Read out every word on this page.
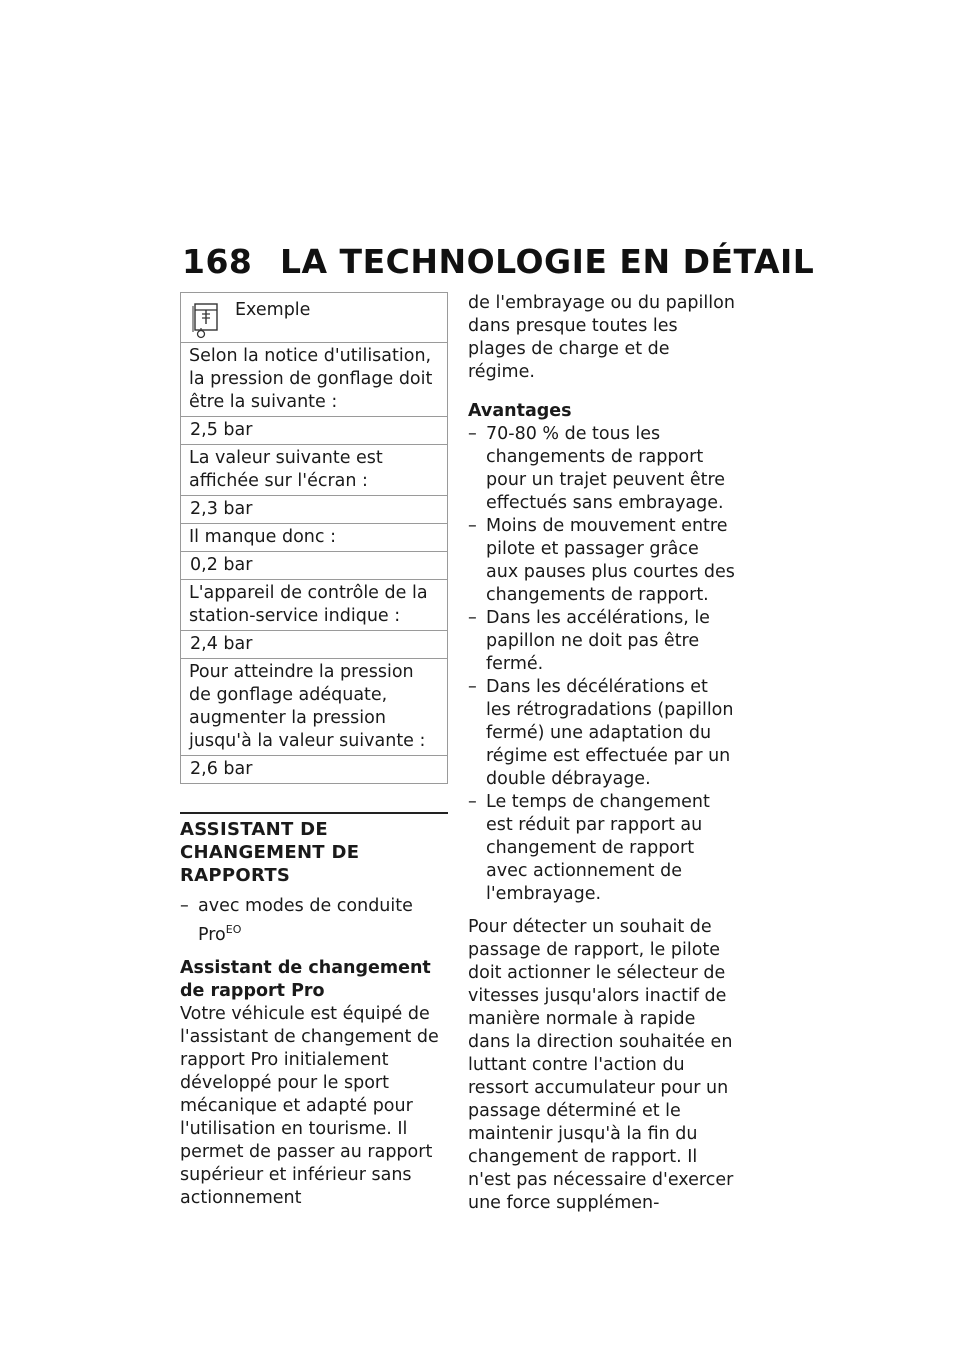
168 LA TECHNOLOGIE EN DÉTAIL
Exemple

Selon la notice d'utilisation, la pression de gonflage doit être la suivante :
2,5 bar
La valeur suivante est affichée sur l'écran :
2,3 bar
Il manque donc :
0,2 bar
L'appareil de contrôle de la station-service indique :
2,4 bar
Pour atteindre la pression de gonflage adéquate, augmenter la pression jusqu'à la valeur suivante :
2,6 bar
ASSISTANT DE CHANGEMENT DE RAPPORTS
– avec modes de conduite Pro$^{EO}$

Assistant de changement de rapport Pro

Votre véhicule est équipé de l'assistant de changement de rapport Pro initialement développé pour le sport mécanique et adapté pour l'utilisation en tourisme. Il permet de passer au rapport supérieur et inférieur sans actionnement

de l'embrayage ou du papillon dans presque toutes les plages de charge et de régime.

Avantages

– 70-80 % de tous les changements de rapport pour un trajet peuvent être effectués sans embrayage.
– Moins de mouvement entre pilote et passager grâce aux pauses plus courtes des changements de rapport.
– Dans les accélérations, le papillon ne doit pas être fermé.
– Dans les décélérations et les rétrogradations (papillon fermé) une adaptation du régime est effectuée par un double débrayage.
– Le temps de changement est réduit par rapport au changement de rapport avec actionnement de l'embrayage.

Pour détecter un souhait de passage de rapport, le pilote doit actionner le sélecteur de vitesses jusqu'alors inactif de manière normale à rapide dans la direction souhaitée en luttant contre l'action du ressort accumulateur pour un passage déterminé et le maintenir jusqu'à la fin du changement de rapport. Il n'est pas nécessaire d'exercer une force supplémen-
